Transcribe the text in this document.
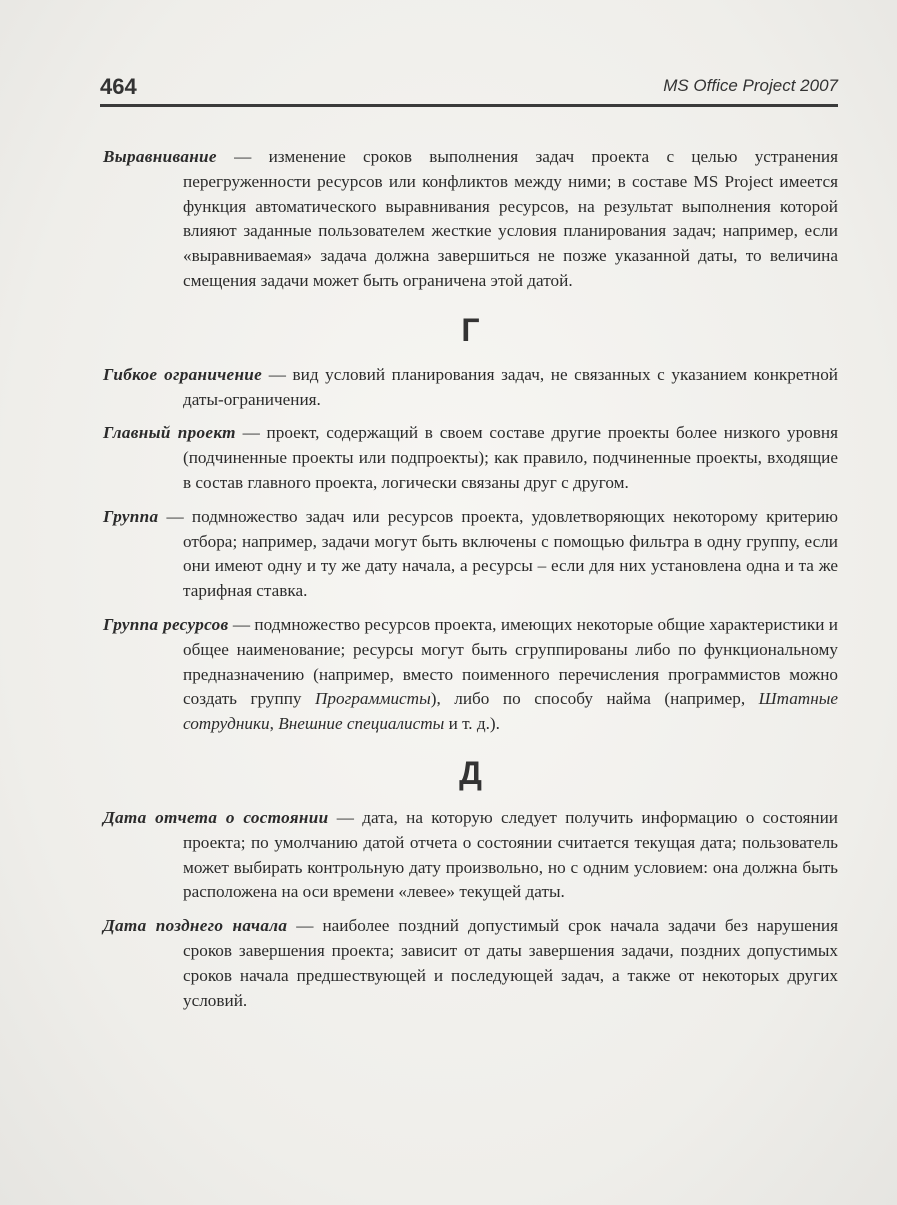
464	MS Office Project 2007

Выравнивание — изменение сроков выполнения задач проекта с целью устранения перегруженности ресурсов или конфликтов между ними; в составе MS Project имеется функция автоматического выравнивания ресурсов, на результат выполнения которой влияют заданные пользователем жесткие условия планирования задач; например, если «выравниваемая» задача должна завершиться не позже указанной даты, то величина смещения задачи может быть ограничена этой датой.

Г

Гибкое ограничение — вид условий планирования задач, не связанных с указанием конкретной даты-ограничения.

Главный проект — проект, содержащий в своем составе другие проекты более низкого уровня (подчиненные проекты или подпроекты); как правило, подчиненные проекты, входящие в состав главного проекта, логически связаны друг с другом.

Группа — подмножество задач или ресурсов проекта, удовлетворяющих некоторому критерию отбора; например, задачи могут быть включены с помощью фильтра в одну группу, если они имеют одну и ту же дату начала, а ресурсы – если для них установлена одна и та же тарифная ставка.

Группа ресурсов — подмножество ресурсов проекта, имеющих некоторые общие характеристики и общее наименование; ресурсы могут быть сгруппированы либо по функциональному предназначению (например, вместо поименного перечисления программистов можно создать группу Программисты), либо по способу найма (например, Штатные сотрудники, Внешние специалисты и т. д.).

Д

Дата отчета о состоянии — дата, на которую следует получить информацию о состоянии проекта; по умолчанию датой отчета о состоянии считается текущая дата; пользователь может выбирать контрольную дату произвольно, но с одним условием: она должна быть расположена на оси времени «левее» текущей даты.

Дата позднего начала — наиболее поздний допустимый срок начала задачи без нарушения сроков завершения проекта; зависит от даты завершения задачи, поздних допустимых сроков начала предшествующей и последующей задач, а также от некоторых других условий.
